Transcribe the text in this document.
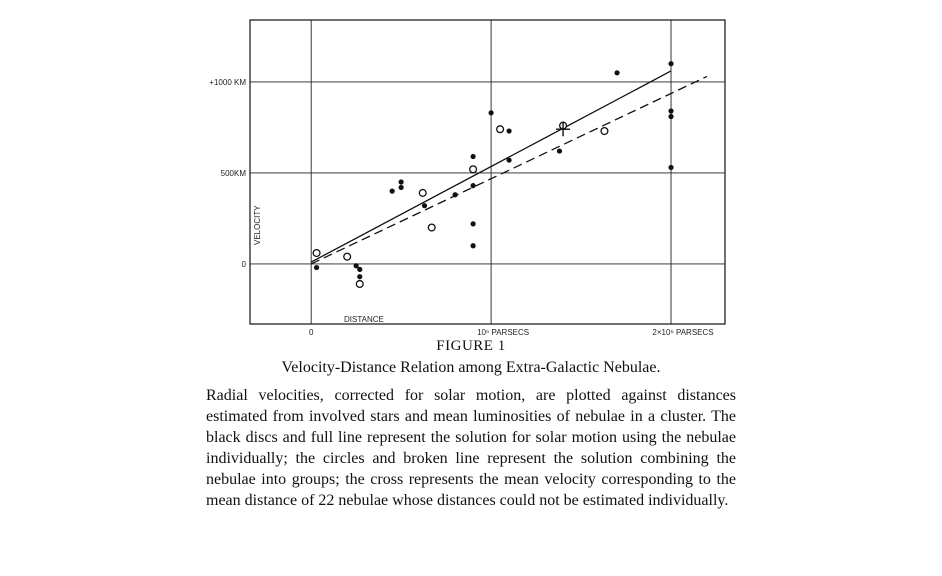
0	10⁶ PARSECS	2×10⁶ PARSECS
0
500KM
+1000 KM
DISTANCE
VELOCITY
FIGURE 1
Velocity-Distance Relation among Extra-Galactic Nebulae.
Radial velocities, corrected for solar motion, are plotted against distances estimated from involved stars and mean luminosities of nebulae in a cluster. The black discs and full line represent the solution for solar motion using the nebulae individually; the circles and broken line represent the solution combining the nebulae into groups; the cross represents the mean velocity corresponding to the mean distance of 22 nebulae whose distances could not be estimated individually.
